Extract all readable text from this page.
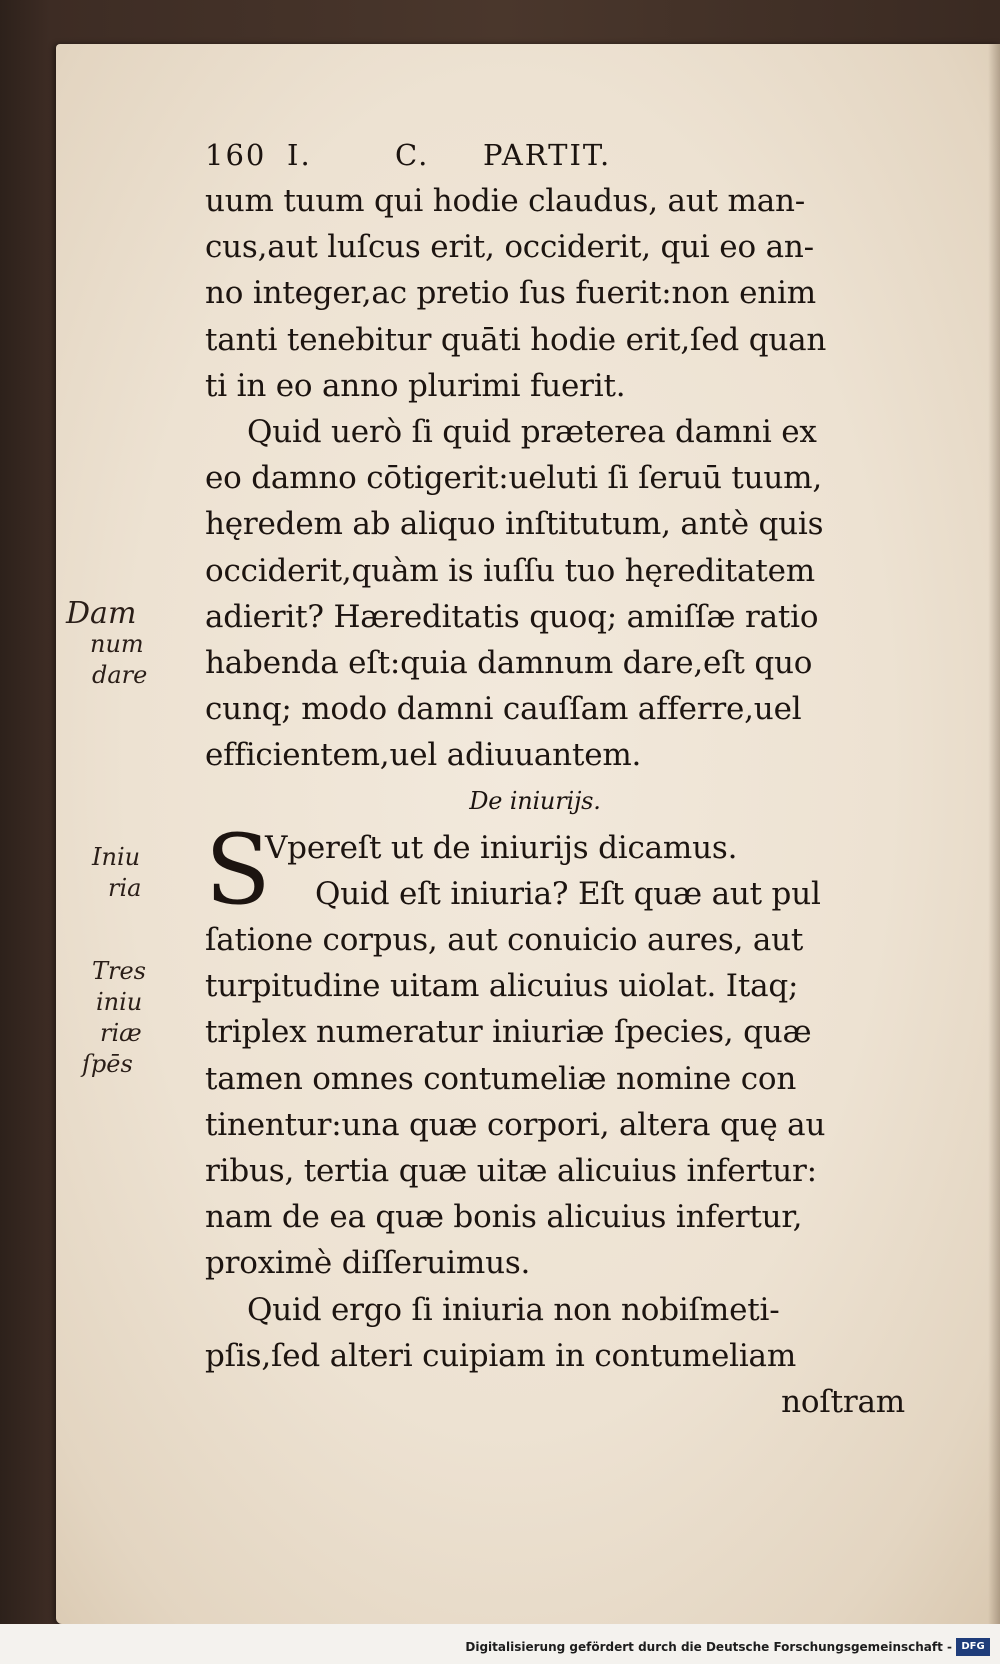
Dam
num
dare
Iniu
ria
Tres
iniu
riæ
ſpēs
160 I.	C.	PARTIT.
uum tuum qui hodie claudus, aut man-
cus,aut luſcus erit, occiderit, qui eo an-
no integer,ac pretio ſus fuerit:non enim
tanti tenebitur quāti hodie erit,ſed quan
ti in eo anno plurimi fuerit.
Quid uerò ſi quid præterea damni ex
eo damno cōtigerit:ueluti ſi ſeruū tuum,
hęredem ab aliquo inſtitutum, antè quis
occiderit,quàm is iuſſu tuo hęreditatem
adierit? Hæreditatis quoq; amiſſæ ratio
habenda eſt:quia damnum dare,eſt quo
cunq; modo damni cauſſam afferre,uel
efficientem,uel adiuuantem.
De iniurijs.
S
Vpereſt ut de iniurijs dicamus.
Quid eſt iniuria? Eſt quæ aut pul
ſatione corpus, aut conuicio aures, aut
turpitudine uitam alicuius uiolat. Itaq;
triplex numeratur iniuriæ ſpecies, quæ
tamen omnes contumeliæ nomine con
tinentur:una quæ corpori, altera quę au
ribus, tertia quæ uitæ alicuius infertur:
nam de ea quæ bonis alicuius infertur,
proximè diſſeruimus.
Quid ergo ſi iniuria non nobiſmeti-
pſis,ſed alteri cuipiam in contumeliam
noſtram
Digitalisierung gefördert durch die Deutsche Forschungsgemeinschaft - DFG
